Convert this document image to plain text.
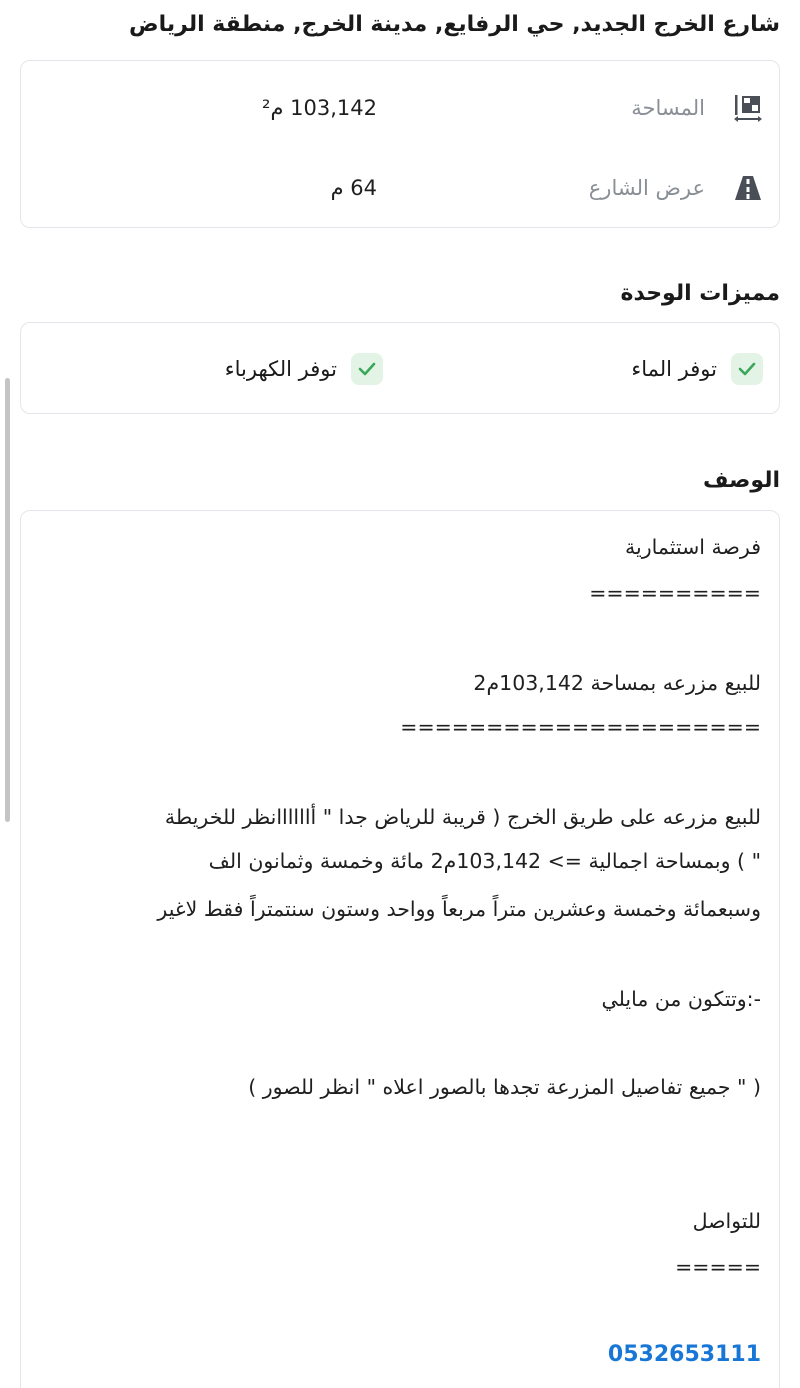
شارع الخرج الجديد, حي الرفايع, مدينة الخرج, منطقة الرياض
المساحة
103,142 م²
عرض الشارع
64 م
مميزات الوحدة
توفر الماء
توفر الكهرباء
الوصف
فرصة استثمارية
==========
للبيع مزرعه بمساحة 103,142م2
=====================
للبيع مزرعه على طريق الخرج ( قريبة للرياض جدا " أاااااانظر للخريطة
" ) وبمساحة اجمالية => 103,142م2 مائة وخمسة وثمانون الف
وسبعمائة وخمسة وعشرين متراً مربعاً وواحد وستون سنتمتراً فقط لاغير
-:وتتكون من مايلي
( " جميع تفاصيل المزرعة تجدها بالصور اعلاه " انظر للصور )
للتواصل
=====
0532653111
